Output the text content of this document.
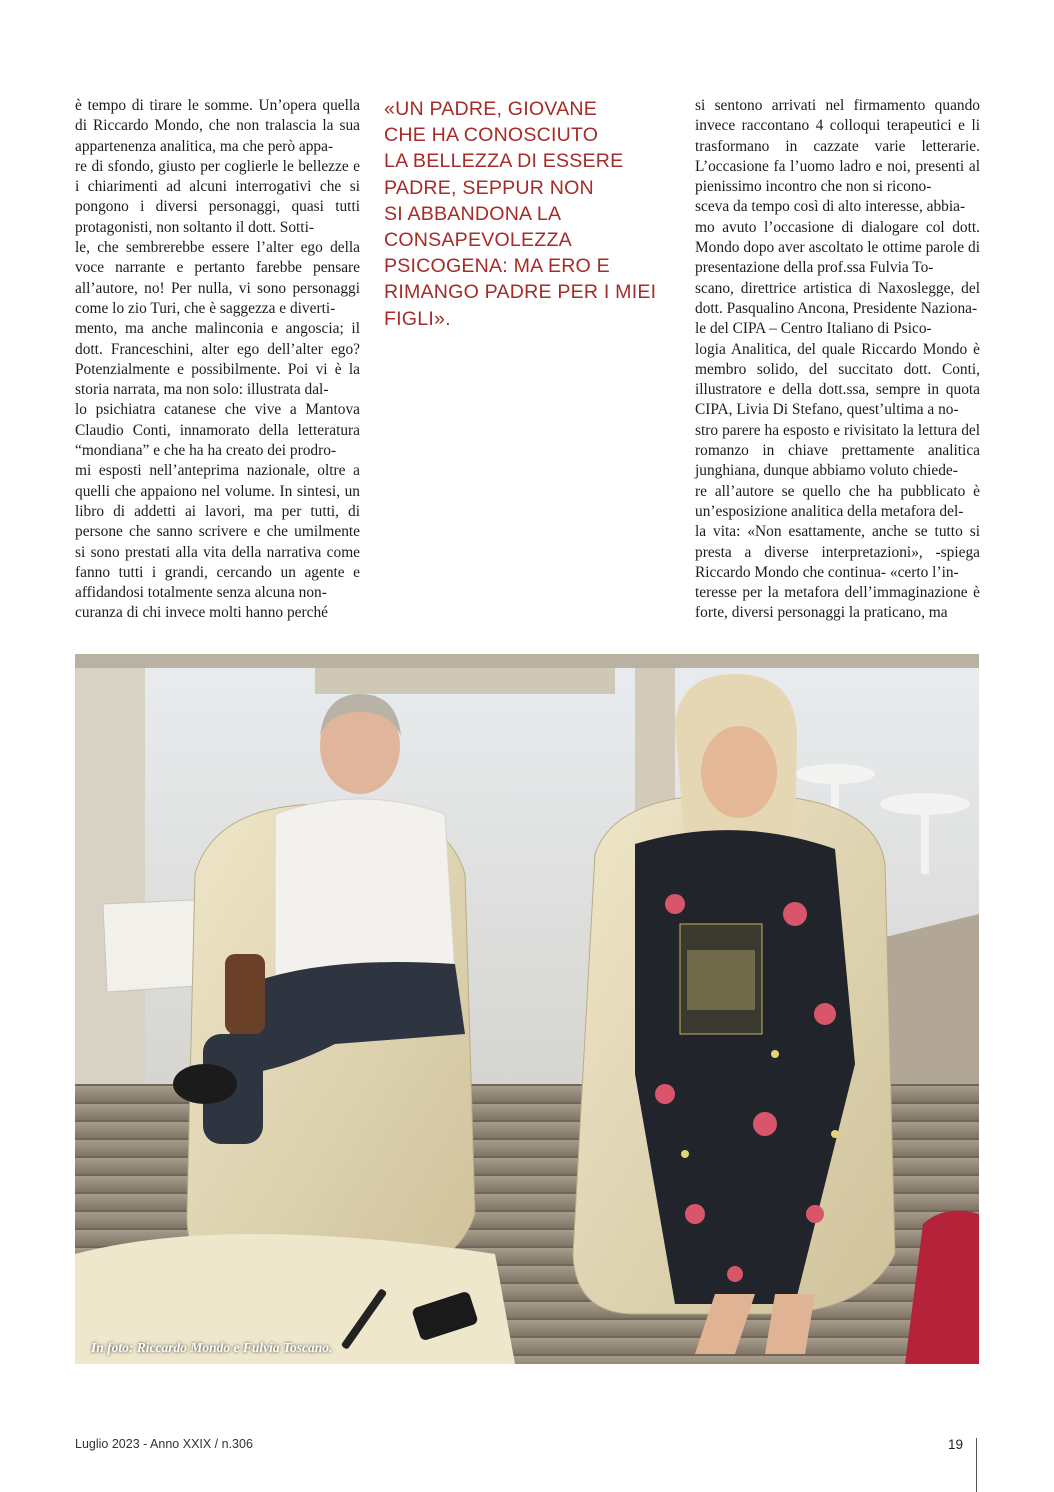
è tempo di tirare le somme. Un’opera quella di Riccardo Mondo, che non tralascia la sua appartenenza analitica, ma che però appa-
re di sfondo, giusto per coglierle le bellezze e i chiarimenti ad alcuni interrogativi che si pongono i diversi personaggi, quasi tutti protagonisti, non soltanto il dott. Sotti-
le, che sembrerebbe essere l’alter ego della voce narrante e pertanto farebbe pensare all’autore, no! Per nulla, vi sono personaggi come lo zio Turi, che è saggezza e diverti-
mento, ma anche malinconia e angoscia; il dott. Franceschini, alter ego dell’alter ego? Potenzialmente e possibilmente. Poi vi è la storia narrata, ma non solo: illustrata dal-
lo psichiatra catanese che vive a Mantova Claudio Conti, innamorato della letteratura “mondiana” e che ha ha creato dei prodro-
mi esposti nell’anteprima nazionale, oltre a quelli che appaiono nel volume. In sintesi, un libro di addetti ai lavori, ma per tutti, di persone che sanno scrivere e che umilmente si sono prestati alla vita della narrativa come fanno tutti i grandi, cercando un agente e affidandosi totalmente senza alcuna non-
curanza di chi invece molti hanno perché
«UN PADRE, GIOVANE
CHE HA CONOSCIUTO
LA BELLEZZA DI ESSERE
PADRE, SEPPUR NON
SI ABBANDONA LA
CONSAPEVOLEZZA
PSICOGENA: MA ERO E
RIMANGO PADRE PER I MIEI
FIGLI».
si sentono arrivati nel firmamento quando invece raccontano 4 colloqui terapeutici e li trasformano in cazzate varie letterarie. L’occasione fa l’uomo ladro e noi, presenti al pienissimo incontro che non si ricono-
sceva da tempo così di alto interesse, abbia-
mo avuto l’occasione di dialogare col dott. Mondo dopo aver ascoltato le ottime parole di presentazione della prof.ssa Fulvia To-
scano, direttrice artistica di Naxoslegge, del dott. Pasqualino Ancona, Presidente Naziona-
le del CIPA – Centro Italiano di Psico-
logia Analitica, del quale Riccardo Mondo è membro solido, del succitato dott. Conti, illustratore e della dott.ssa, sempre in quota CIPA, Livia Di Stefano, quest’ultima a no-
stro parere ha esposto e rivisitato la lettura del romanzo in chiave prettamente analitica junghiana, dunque abbiamo voluto chiede-
re all’autore se quello che ha pubblicato è un’esposizione analitica della metafora del-
la vita: «Non esattamente, anche se tutto si presta a diverse interpretazioni», -spiega Riccardo Mondo che continua- «certo l’in-
teresse per la metafora dell’immaginazione è forte, diversi personaggi la praticano, ma
In foto: Riccardo Mondo e Fulvia Toscano.
Luglio 2023 - Anno XXIX / n.306	19
